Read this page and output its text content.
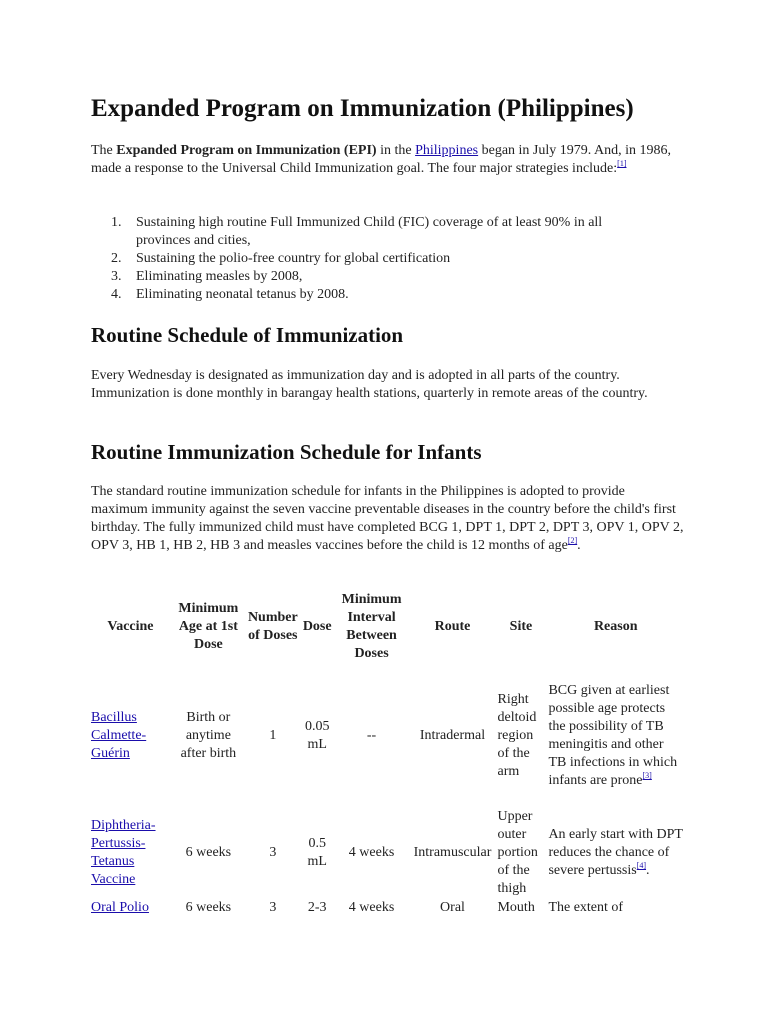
Expanded Program on Immunization (Philippines)

The Expanded Program on Immunization (EPI) in the Philippines began in July 1979. And, in 1986, made a response to the Universal Child Immunization goal. The four major strategies include:[1]

1. Sustaining high routine Full Immunized Child (FIC) coverage of at least 90% in all provinces and cities,
2. Sustaining the polio-free country for global certification
3. Eliminating measles by 2008,
4. Eliminating neonatal tetanus by 2008.
Routine Schedule of Immunization

Every Wednesday is designated as immunization day and is adopted in all parts of the country. Immunization is done monthly in barangay health stations, quarterly in remote areas of the country.

Routine Immunization Schedule for Infants

The standard routine immunization schedule for infants in the Philippines is adopted to provide maximum immunity against the seven vaccine preventable diseases in the country before the child's first birthday. The fully immunized child must have completed BCG 1, DPT 1, DPT 2, DPT 3, OPV 1, OPV 2, OPV 3, HB 1, HB 2, HB 3 and measles vaccines before the child is 12 months of age[2].

Vaccine	Minimum Age at 1st Dose	Number of Doses	Dose	Minimum Interval Between Doses	Route	Site	Reason
Bacillus Calmette-Guérin	Birth or anytime after birth	1	0.05 mL	--	Intradermal	Right deltoid region of the arm	BCG given at earliest possible age protects the possibility of TB meningitis and other TB infections in which infants are prone[3]
Diphtheria-Pertussis-Tetanus Vaccine	6 weeks	3	0.5 mL	4 weeks	Intramuscular	Upper outer portion of the thigh	An early start with DPT reduces the chance of severe pertussis[4].
Oral Polio	6 weeks	3	2-3	4 weeks	Oral	Mouth	The extent of
